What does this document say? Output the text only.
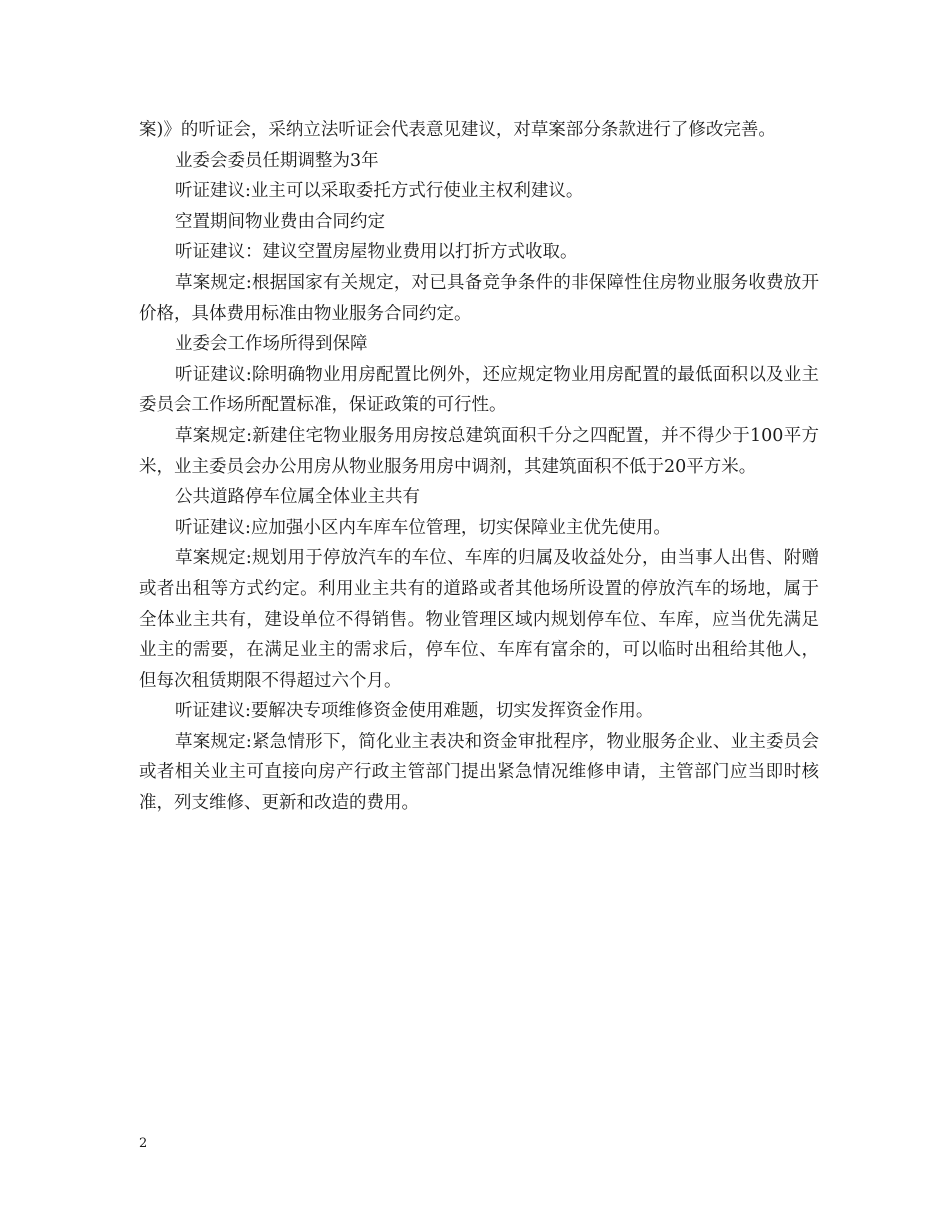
案)》的听证会，采纳立法听证会代表意见建议，对草案部分条款进行了修改完善。

业委会委员任期调整为3年

听证建议:业主可以采取委托方式行使业主权利建议。

空置期间物业费由合同约定

听证建议：建议空置房屋物业费用以打折方式收取。

草案规定:根据国家有关规定，对已具备竞争条件的非保障性住房物业服务收费放开价格，具体费用标准由物业服务合同约定。

业委会工作场所得到保障

听证建议:除明确物业用房配置比例外，还应规定物业用房配置的最低面积以及业主委员会工作场所配置标准，保证政策的可行性。

草案规定:新建住宅物业服务用房按总建筑面积千分之四配置，并不得少于100平方米，业主委员会办公用房从物业服务用房中调剂，其建筑面积不低于20平方米。

公共道路停车位属全体业主共有

听证建议:应加强小区内车库车位管理，切实保障业主优先使用。

草案规定:规划用于停放汽车的车位、车库的归属及收益处分，由当事人出售、附赠或者出租等方式约定。利用业主共有的道路或者其他场所设置的停放汽车的场地，属于全体业主共有，建设单位不得销售。物业管理区域内规划停车位、车库，应当优先满足业主的需要，在满足业主的需求后，停车位、车库有富余的，可以临时出租给其他人，但每次租赁期限不得超过六个月。

听证建议:要解决专项维修资金使用难题，切实发挥资金作用。

草案规定:紧急情形下，简化业主表决和资金审批程序，物业服务企业、业主委员会或者相关业主可直接向房产行政主管部门提出紧急情况维修申请，主管部门应当即时核准，列支维修、更新和改造的费用。

2
